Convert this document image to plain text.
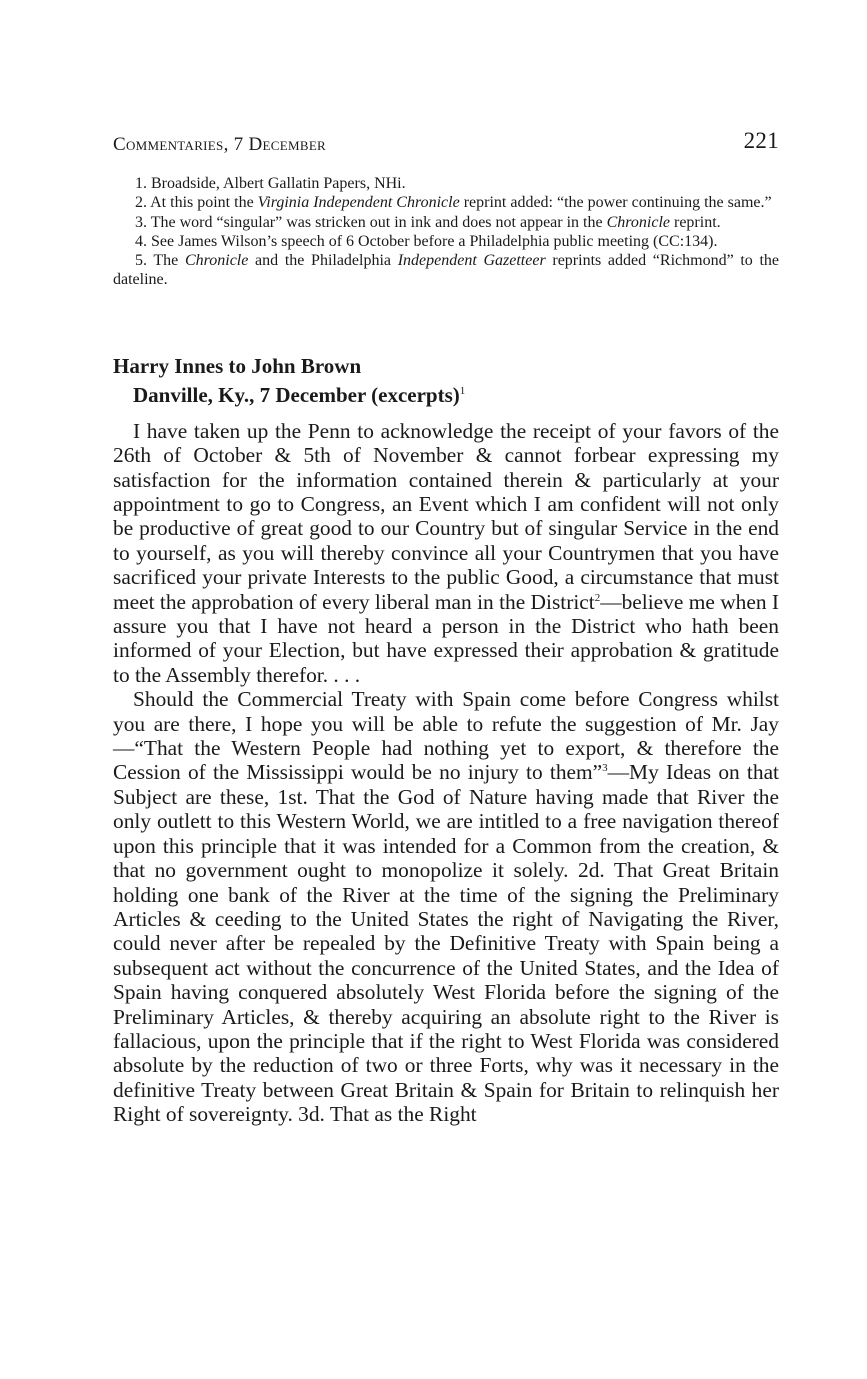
Commentaries, 7 December	221

1. Broadside, Albert Gallatin Papers, NHi.

2. At this point the Virginia Independent Chronicle reprint added: “the power continuing the same.”

3. The word “singular” was stricken out in ink and does not appear in the Chronicle reprint.

4. See James Wilson’s speech of 6 October before a Philadelphia public meeting (CC:134).

5. The Chronicle and the Philadelphia Independent Gazetteer reprints added “Richmond” to the dateline.

Harry Innes to John Brown
Danville, Ky., 7 December (excerpts)$^1$

I have taken up the Penn to acknowledge the receipt of your favors of the 26th of October & 5th of November & cannot forbear expressing my satisfaction for the information contained therein & particularly at your appointment to go to Congress, an Event which I am confident will not only be productive of great good to our Country but of singular Service in the end to yourself, as you will thereby convince all your Countrymen that you have sacrificed your private Interests to the public Good, a circumstance that must meet the approbation of every liberal man in the District$^2$—believe me when I assure you that I have not heard a person in the District who hath been informed of your Election, but have expressed their approbation & gratitude to the Assembly therefor. . . .

Should the Commercial Treaty with Spain come before Congress whilst you are there, I hope you will be able to refute the suggestion of Mr. Jay—“That the Western People had nothing yet to export, & therefore the Cession of the Mississippi would be no injury to them”$^3$—My Ideas on that Subject are these, 1st. That the God of Nature having made that River the only outlett to this Western World, we are intitled to a free navigation thereof upon this principle that it was intended for a Common from the creation, & that no government ought to monopolize it solely. 2d. That Great Britain holding one bank of the River at the time of the signing the Preliminary Articles & ceeding to the United States the right of Navigating the River, could never after be repealed by the Definitive Treaty with Spain being a subsequent act without the concurrence of the United States, and the Idea of Spain having conquered absolutely West Florida before the signing of the Preliminary Articles, & thereby acquiring an absolute right to the River is fallacious, upon the principle that if the right to West Florida was considered absolute by the reduction of two or three Forts, why was it necessary in the definitive Treaty between Great Britain & Spain for Britain to relinquish her Right of sovereignty. 3d. That as the Right
